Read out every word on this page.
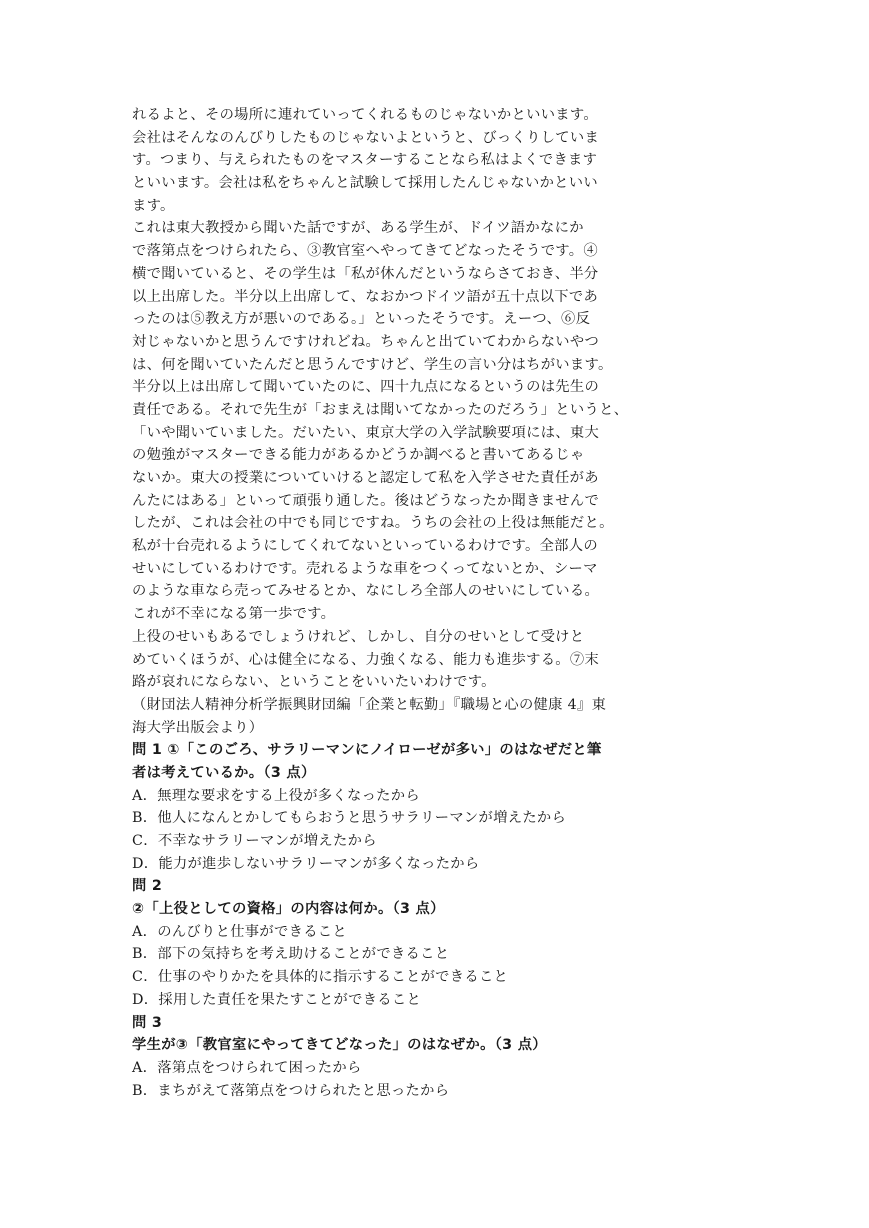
れるよと、その場所に連れていってくれるものじゃないかといいます。
会社はそんなのんびりしたものじゃないよというと、びっくりしていま
す。つまり、与えられたものをマスターすることなら私はよくできます
といいます。会社は私をちゃんと試験して採用したんじゃないかといい
ます。
これは東大教授から聞いた話ですが、ある学生が、ドイツ語かなにか
で落第点をつけられたら、③教官室へやってきてどなったそうです。④
横で聞いていると、その学生は「私が休んだというならさておき、半分
以上出席した。半分以上出席して、なおかつドイツ語が五十点以下であ
ったのは⑤教え方が悪いのである。」といったそうです。えーつ、⑥反
対じゃないかと思うんですけれどね。ちゃんと出ていてわからないやつ
は、何を聞いていたんだと思うんですけど、学生の言い分はちがいます。
半分以上は出席して聞いていたのに、四十九点になるというのは先生の
責任である。それで先生が「おまえは聞いてなかったのだろう」というと、
「いや聞いていました。だいたい、東京大学の入学試験要項には、東大
の勉強がマスターできる能力があるかどうか調べると書いてあるじゃ
ないか。東大の授業についていけると認定して私を入学させた責任があ
んたにはある」といって頑張り通した。後はどうなったか聞きませんで
したが、これは会社の中でも同じですね。うちの会社の上役は無能だと。
私が十台売れるようにしてくれてないといっているわけです。全部人の
せいにしているわけです。売れるような車をつくってないとか、シーマ
のような車なら売ってみせるとか、なにしろ全部人のせいにしている。
これが不幸になる第一歩です。
上役のせいもあるでしょうけれど、しかし、自分のせいとして受けと
めていくほうが、心は健全になる、力強くなる、能力も進歩する。⑦末
路が哀れにならない、ということをいいたいわけです。
（財団法人精神分析学振興財団編「企業と転勤」『職場と心の健康 4』東
海大学出版会より）
問 1 ①「このごろ、サラリーマンにノイローゼが多い」のはなぜだと筆
者は考えているか。（3 点）
A．無理な要求をする上役が多くなったから
B．他人になんとかしてもらおうと思うサラリーマンが増えたから
C．不幸なサラリーマンが増えたから
D．能力が進歩しないサラリーマンが多くなったから
問 2
②「上役としての資格」の内容は何か。（3 点）
A．のんびりと仕事ができること
B．部下の気持ちを考え助けることができること
C．仕事のやりかたを具体的に指示することができること
D．採用した責任を果たすことができること
問 3
学生が③「教官室にやってきてどなった」のはなぜか。（3 点）
A．落第点をつけられて困ったから
B．まちがえて落第点をつけられたと思ったから
